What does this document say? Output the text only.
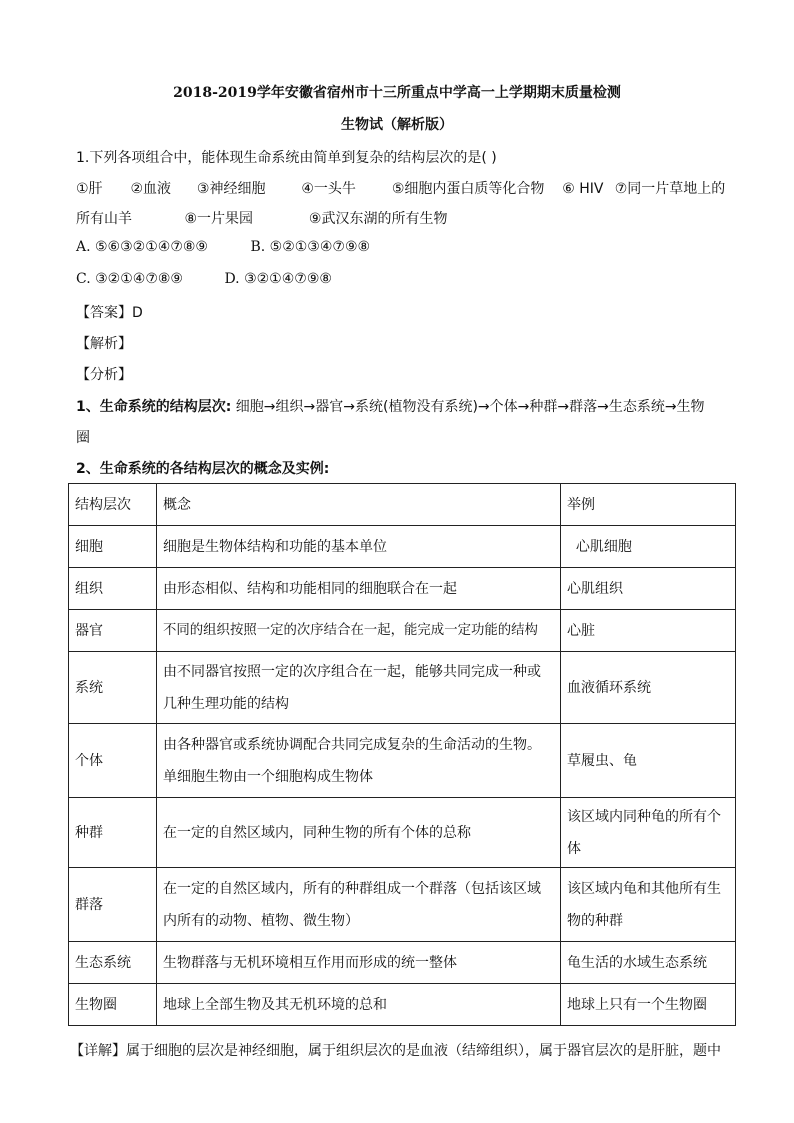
2018-2019学年安徽省宿州市十三所重点中学高一上学期期末质量检测
生物试（解析版）
1.下列各项组合中，能体现生命系统由简单到复杂的结构层次的是( )
①肝 ②血液 ③神经细胞	④一头牛	⑤细胞内蛋白质等化合物 ⑥ HIV ⑦同一片草地上的
所有山羊	⑧一片果园	⑨武汉东湖的所有生物
A. ⑤⑥③②①④⑦⑧⑨	B. ⑤②①③④⑦⑨⑧
C. ③②①④⑦⑧⑨	D. ③②①④⑦⑨⑧
【答案】D
【解析】
【分析】
1、生命系统的结构层次: 细胞→组织→器官→系统(植物没有系统)→个体→种群→群落→生态系统→生物
圈
2、生命系统的各结构层次的概念及实例:
结构层次	概念	举例
细胞	细胞是生物体结构和功能的基本单位	心肌细胞
组织	由形态相似、结构和功能相同的细胞联合在一起	心肌组织
器官	不同的组织按照一定的次序结合在一起，能完成一定功能的结构	心脏
系统	由不同器官按照一定的次序组合在一起，能够共同完成一种或几种生理功能的结构	血液循环系统
个体	由各种器官或系统协调配合共同完成复杂的生命活动的生物。单细胞生物由一个细胞构成生物体	草履虫、龟
种群	在一定的自然区域内，同种生物的所有个体的总称	该区域内同种龟的所有个体
群落	在一定的自然区域内，所有的种群组成一个群落（包括该区域内所有的动物、植物、微生物）	该区域内龟和其他所有生物的种群
生态系统	生物群落与无机环境相互作用而形成的统一整体	龟生活的水域生态系统
生物圈	地球上全部生物及其无机环境的总和	地球上只有一个生物圈
【详解】属于细胞的层次是神经细胞，属于组织层次的是血液（结缔组织），属于器官层次的是肝脏，题中
